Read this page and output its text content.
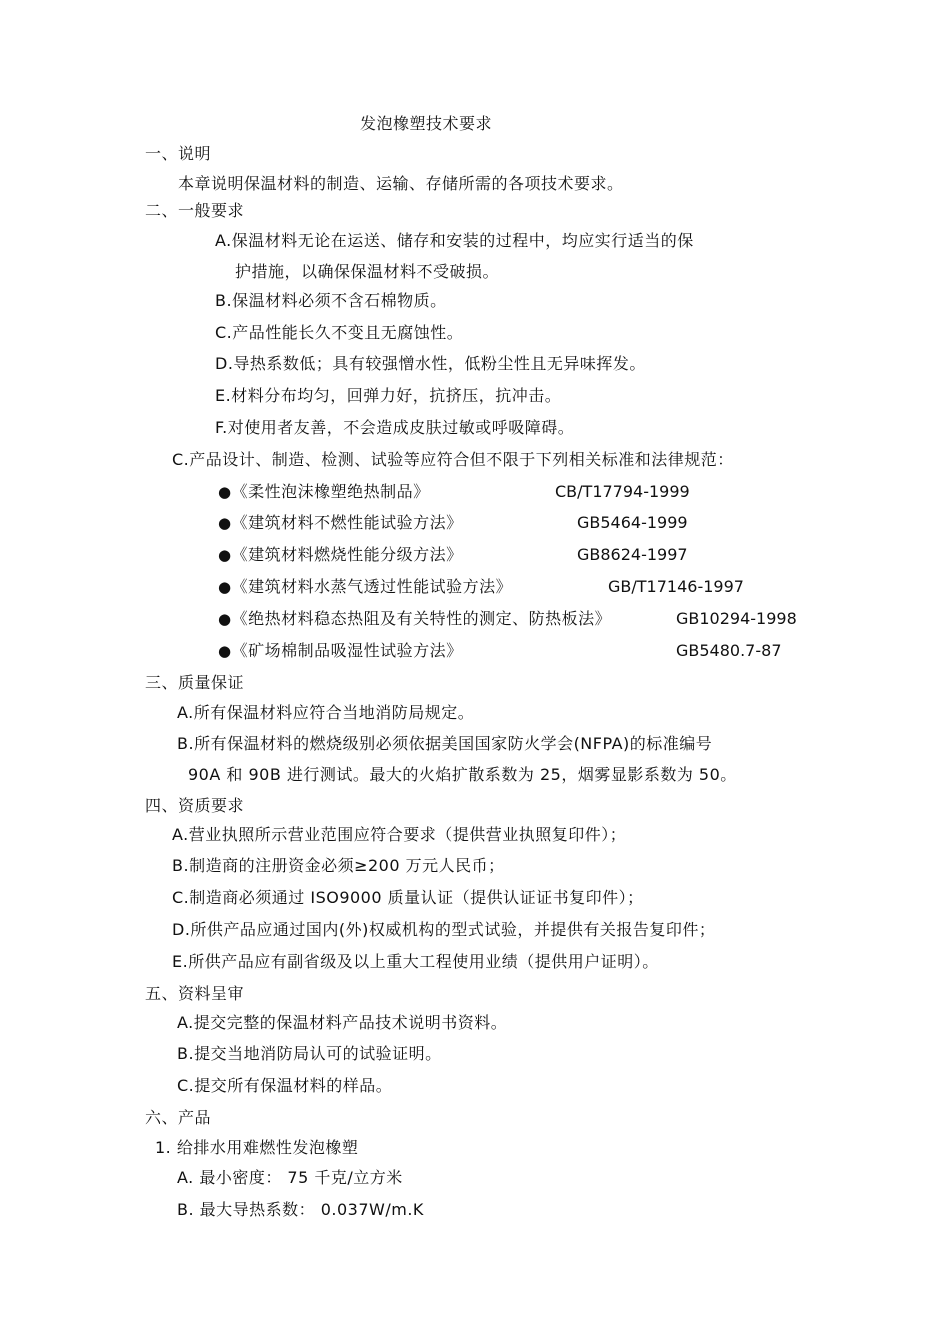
发泡橡塑技术要求
一、说明
本章说明保温材料的制造、运输、存储所需的各项技术要求。
二、一般要求
A.保温材料无论在运送、储存和安装的过程中，均应实行适当的保
护措施，以确保保温材料不受破损。
B.保温材料必须不含石棉物质。
C.产品性能长久不变且无腐蚀性。
D.导热系数低；具有较强憎水性，低粉尘性且无异味挥发。
E.材料分布均匀，回弹力好，抗挤压，抗冲击。
F.对使用者友善，不会造成皮肤过敏或呼吸障碍。
C.产品设计、制造、检测、试验等应符合但不限于下列相关标准和法律规范：
●《柔性泡沫橡塑绝热制品》	CB/T17794-1999
●《建筑材料不燃性能试验方法》	GB5464-1999
●《建筑材料燃烧性能分级方法》	GB8624-1997
●《建筑材料水蒸气透过性能试验方法》	GB/T17146-1997
●《绝热材料稳态热阻及有关特性的测定、防热板法》	GB10294-1998
●《矿场棉制品吸湿性试验方法》	GB5480.7-87
三、质量保证
A.所有保温材料应符合当地消防局规定。
B.所有保温材料的燃烧级别必须依据美国国家防火学会(NFPA)的标准编号
90A 和 90B 进行测试。最大的火焰扩散系数为 25，烟雾显影系数为 50。
四、资质要求
A.营业执照所示营业范围应符合要求（提供营业执照复印件）；
B.制造商的注册资金必须≥200 万元人民币；
C.制造商必须通过 ISO9000 质量认证（提供认证证书复印件）；
D.所供产品应通过国内(外)权威机构的型式试验，并提供有关报告复印件；
E.所供产品应有副省级及以上重大工程使用业绩（提供用户证明）。
五、资料呈审
A.提交完整的保温材料产品技术说明书资料。
B.提交当地消防局认可的试验证明。
C.提交所有保温材料的样品。
六、产品
1. 给排水用难燃性发泡橡塑
A. 最小密度： 75 千克/立方米
B. 最大导热系数： 0.037W/m.K
